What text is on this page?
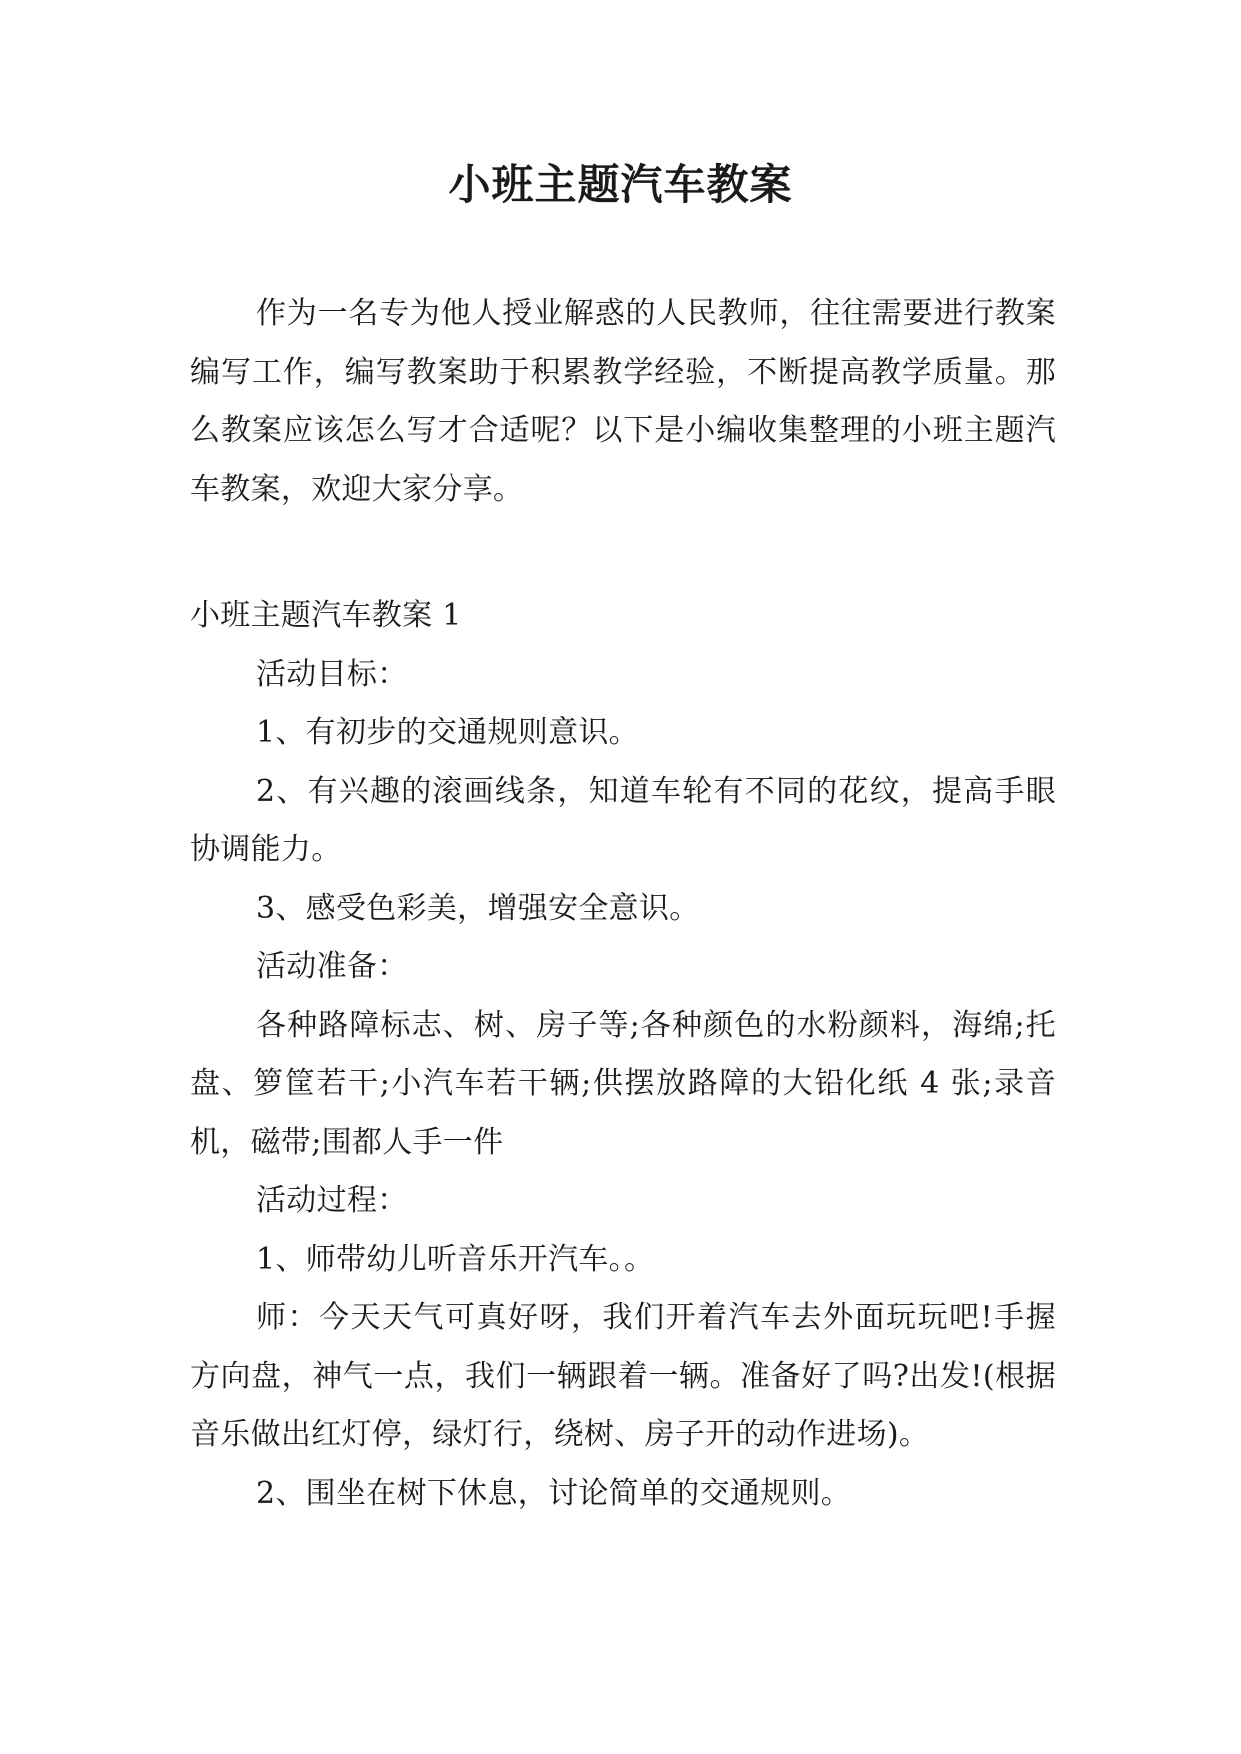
小班主题汽车教案

作为一名专为他人授业解惑的人民教师，往往需要进行教案编写工作，编写教案助于积累教学经验，不断提高教学质量。那么教案应该怎么写才合适呢？以下是小编收集整理的小班主题汽车教案，欢迎大家分享。

小班主题汽车教案 1

活动目标：

1、有初步的交通规则意识。

2、有兴趣的滚画线条，知道车轮有不同的花纹，提高手眼协调能力。

3、感受色彩美，增强安全意识。

活动准备：

各种路障标志、树、房子等;各种颜色的水粉颜料，海绵;托盘、箩筐若干;小汽车若干辆;供摆放路障的大铅化纸 4 张;录音机，磁带;围都人手一件

活动过程：

1、师带幼儿听音乐开汽车。。

师：今天天气可真好呀，我们开着汽车去外面玩玩吧!手握方向盘，神气一点，我们一辆跟着一辆。准备好了吗?出发!(根据音乐做出红灯停，绿灯行，绕树、房子开的动作进场)。

2、围坐在树下休息，讨论简单的交通规则。
